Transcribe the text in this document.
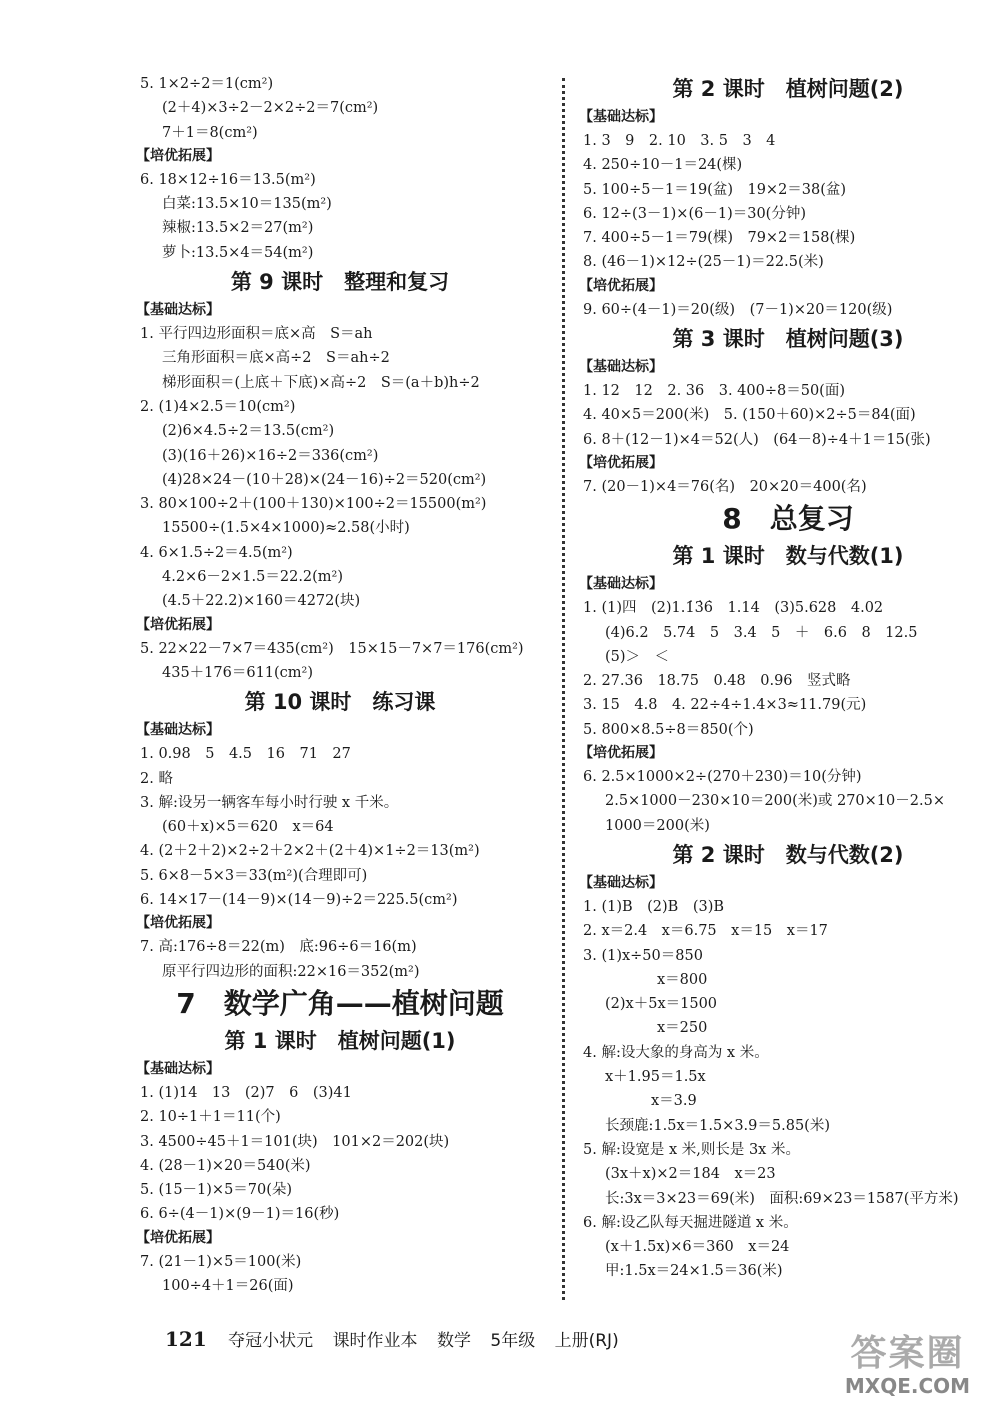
5. 1×2÷2＝1(cm²)
(2＋4)×3÷2－2×2÷2＝7(cm²)
7＋1＝8(cm²)
【培优拓展】
6. 18×12÷16＝13.5(m²)
白菜:13.5×10＝135(m²)
辣椒:13.5×2＝27(m²)
萝卜:13.5×4＝54(m²)
第 9 课时　整理和复习
【基础达标】
1. 平行四边形面积＝底×高　S＝ah
三角形面积＝底×高÷2　S＝ah÷2
梯形面积＝(上底＋下底)×高÷2　S＝(a＋b)h÷2
2. (1)4×2.5＝10(cm²)
(2)6×4.5÷2＝13.5(cm²)
(3)(16＋26)×16÷2＝336(cm²)
(4)28×24－(10＋28)×(24－16)÷2＝520(cm²)
3. 80×100÷2＋(100＋130)×100÷2＝15500(m²)
15500÷(1.5×4×1000)≈2.58(小时)
4. 6×1.5÷2＝4.5(m²)
4.2×6－2×1.5＝22.2(m²)
(4.5＋22.2)×160＝4272(块)
【培优拓展】
5. 22×22－7×7＝435(cm²)　15×15－7×7＝176(cm²)
435＋176＝611(cm²)
第 10 课时　练习课
【基础达标】
1. 0.98　5　4.5　16　71　27
2. 略
3. 解:设另一辆客车每小时行驶 x 千米。
(60＋x)×5＝620　x＝64
4. (2＋2＋2)×2÷2＋2×2＋(2＋4)×1÷2＝13(m²)
5. 6×8－5×3＝33(m²)(合理即可)
6. 14×17－(14－9)×(14－9)÷2＝225.5(cm²)
【培优拓展】
7. 高:176÷8＝22(m)　底:96÷6＝16(m)
原平行四边形的面积:22×16＝352(m²)
7　数学广角——植树问题
第 1 课时　植树问题(1)
【基础达标】
1. (1)14　13　(2)7　6　(3)41
2. 10÷1＋1＝11(个)
3. 4500÷45＋1＝101(块)　101×2＝202(块)
4. (28－1)×20＝540(米)
5. (15－1)×5＝70(朵)
6. 6÷(4－1)×(9－1)＝16(秒)
【培优拓展】
7. (21－1)×5＝100(米)
100÷4＋1＝26(面)
第 2 课时　植树问题(2)
【基础达标】
1. 3　9　2. 10　3. 5　3　4
4. 250÷10－1＝24(棵)
5. 100÷5－1＝19(盆)　19×2＝38(盆)
6. 12÷(3－1)×(6－1)＝30(分钟)
7. 400÷5－1＝79(棵)　79×2＝158(棵)
8. (46－1)×12÷(25－1)＝22.5(米)
【培优拓展】
9. 60÷(4－1)＝20(级)　(7－1)×20＝120(级)
第 3 课时　植树问题(3)
【基础达标】
1. 12　12　2. 36　3. 400÷8＝50(面)
4. 40×5＝200(米)　5. (150＋60)×2÷5＝84(面)
6. 8＋(12－1)×4＝52(人)　(64－8)÷4＋1＝15(张)
【培优拓展】
7. (20－1)×4＝76(名)　20×20＝400(名)
8　总复习
第 1 课时　数与代数(1)
【基础达标】
1. (1)四　(2)1.1̇3̇6̇　1.14　(3)5.628　4.02
(4)6.2　5.74　5　3.4　5　＋　6.6　8　12.5
(5)＞　＜
2. 27.36　18.75　0.48　0.96　竖式略
3. 15　4.8　4. 22÷4÷1.4×3≈11.79(元)
5. 800×8.5÷8＝850(个)
【培优拓展】
6. 2.5×1000×2÷(270＋230)＝10(分钟)
2.5×1000－230×10＝200(米)或 270×10－2.5×
1000＝200(米)
第 2 课时　数与代数(2)
【基础达标】
1. (1)B　(2)B　(3)B
2. x＝2.4　x＝6.75　x＝15　x＝17
3. (1)x÷50＝850
x＝800
(2)x＋5x＝1500
x＝250
4. 解:设大象的身高为 x 米。
x＋1.95＝1.5x
x＝3.9
长颈鹿:1.5x＝1.5×3.9＝5.85(米)
5. 解:设宽是 x 米,则长是 3x 米。
(3x＋x)×2＝184　x＝23
长:3x＝3×23＝69(米)　面积:69×23＝1587(平方米)
6. 解:设乙队每天掘进隧道 x 米。
(x＋1.5x)×6＝360　x＝24
甲:1.5x＝24×1.5＝36(米)
121 夺冠小状元 课时作业本 数学 5年级 上册(RJ)	答案圈
MXQE.COM
